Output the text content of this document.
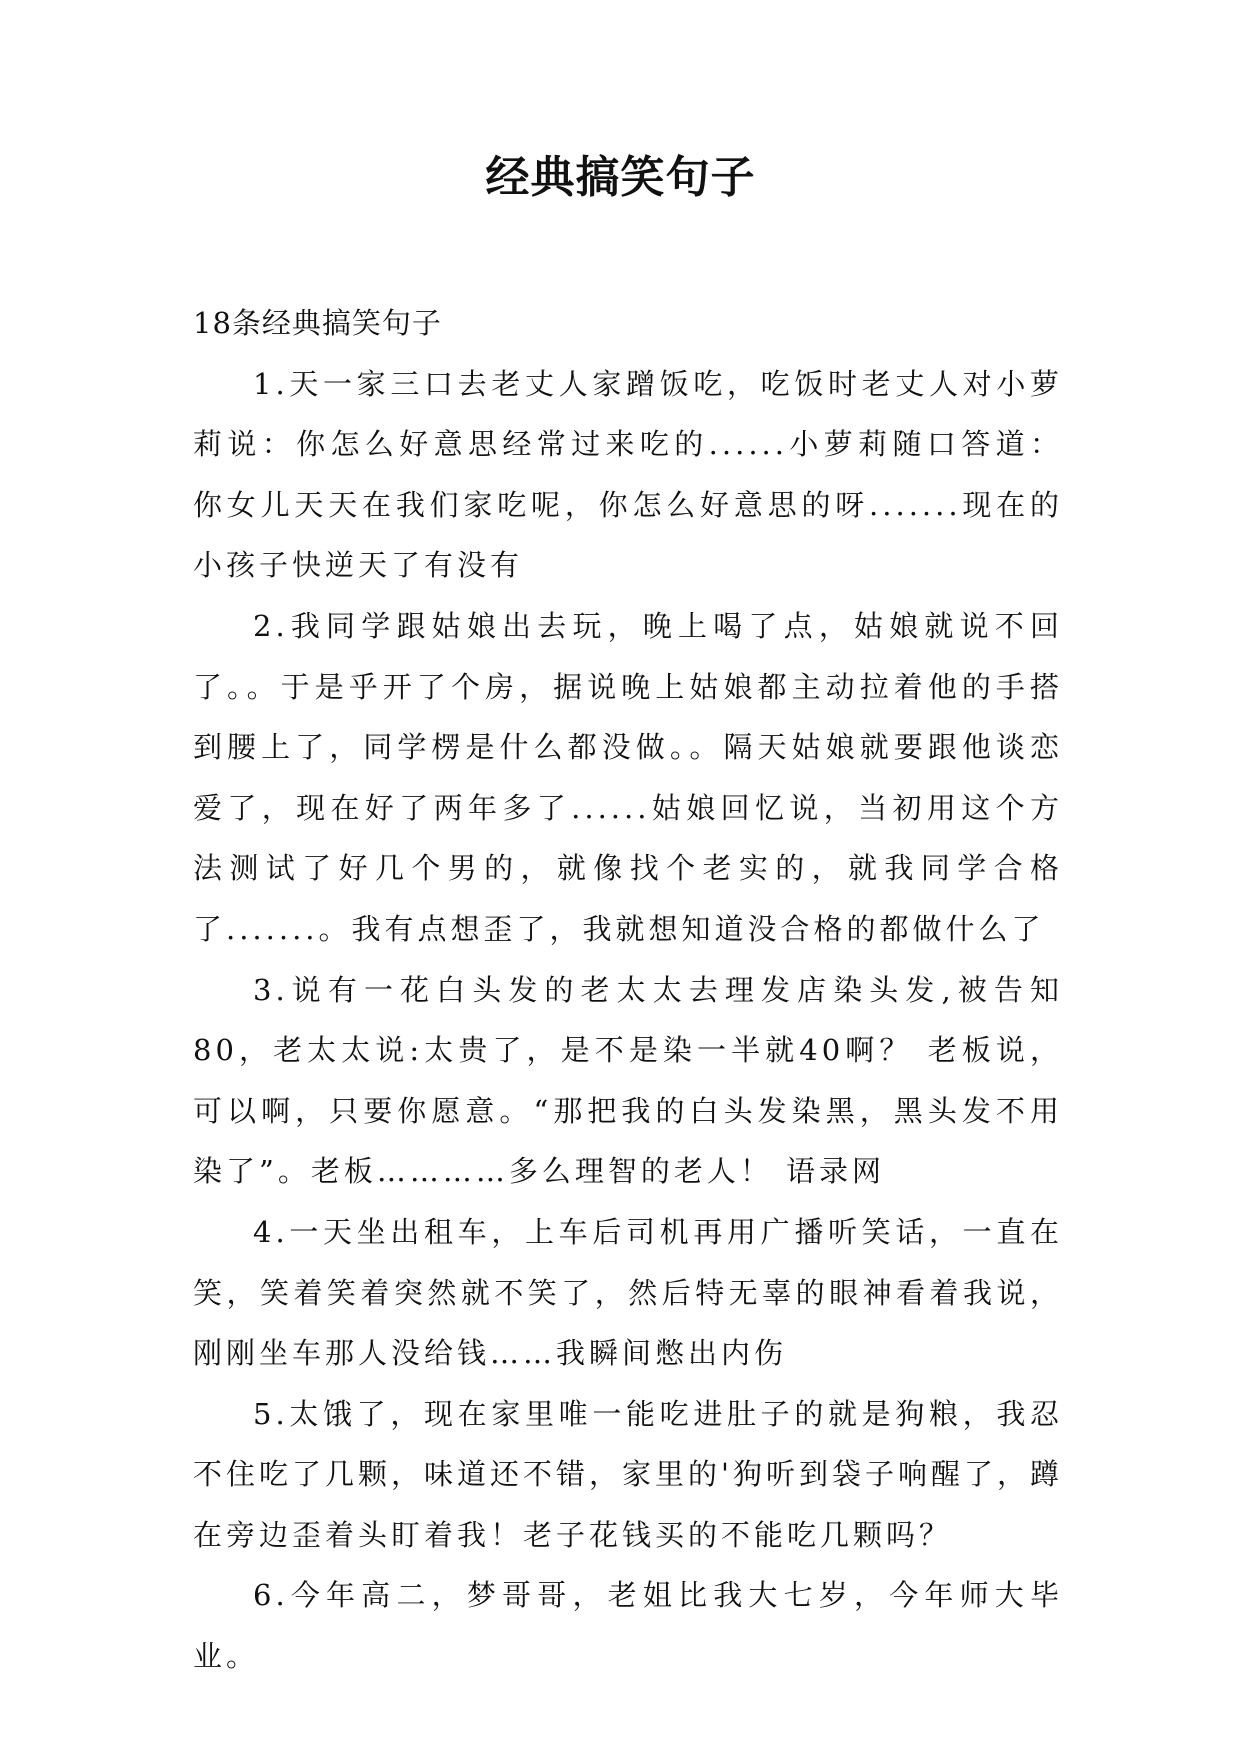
经典搞笑句子

18条经典搞笑句子

1.天一家三口去老丈人家蹭饭吃，吃饭时老丈人对小萝莉说：你怎么好意思经常过来吃的......小萝莉随口答道：你女儿天天在我们家吃呢，你怎么好意思的呀.......现在的小孩子快逆天了有没有

2.我同学跟姑娘出去玩，晚上喝了点，姑娘就说不回了。。于是乎开了个房，据说晚上姑娘都主动拉着他的手搭到腰上了，同学楞是什么都没做。。隔天姑娘就要跟他谈恋爱了，现在好了两年多了......姑娘回忆说，当初用这个方法测试了好几个男的，就像找个老实的，就我同学合格了.......。我有点想歪了，我就想知道没合格的都做什么了

3.说有一花白头发的老太太去理发店染头发,被告知80，老太太说:太贵了，是不是染一半就40啊？ 老板说，可以啊，只要你愿意。“那把我的白头发染黑，黑头发不用染了”。老板…………多么理智的老人！ 语录网

4.一天坐出租车，上车后司机再用广播听笑话，一直在笑，笑着笑着突然就不笑了，然后特无辜的眼神看着我说，刚刚坐车那人没给钱……我瞬间憋出内伤

5.太饿了，现在家里唯一能吃进肚子的就是狗粮，我忍不住吃了几颗，味道还不错，家里的'狗听到袋子响醒了，蹲在旁边歪着头盯着我！老子花钱买的不能吃几颗吗？

6.今年高二，梦哥哥，老姐比我大七岁，今年师大毕业。
